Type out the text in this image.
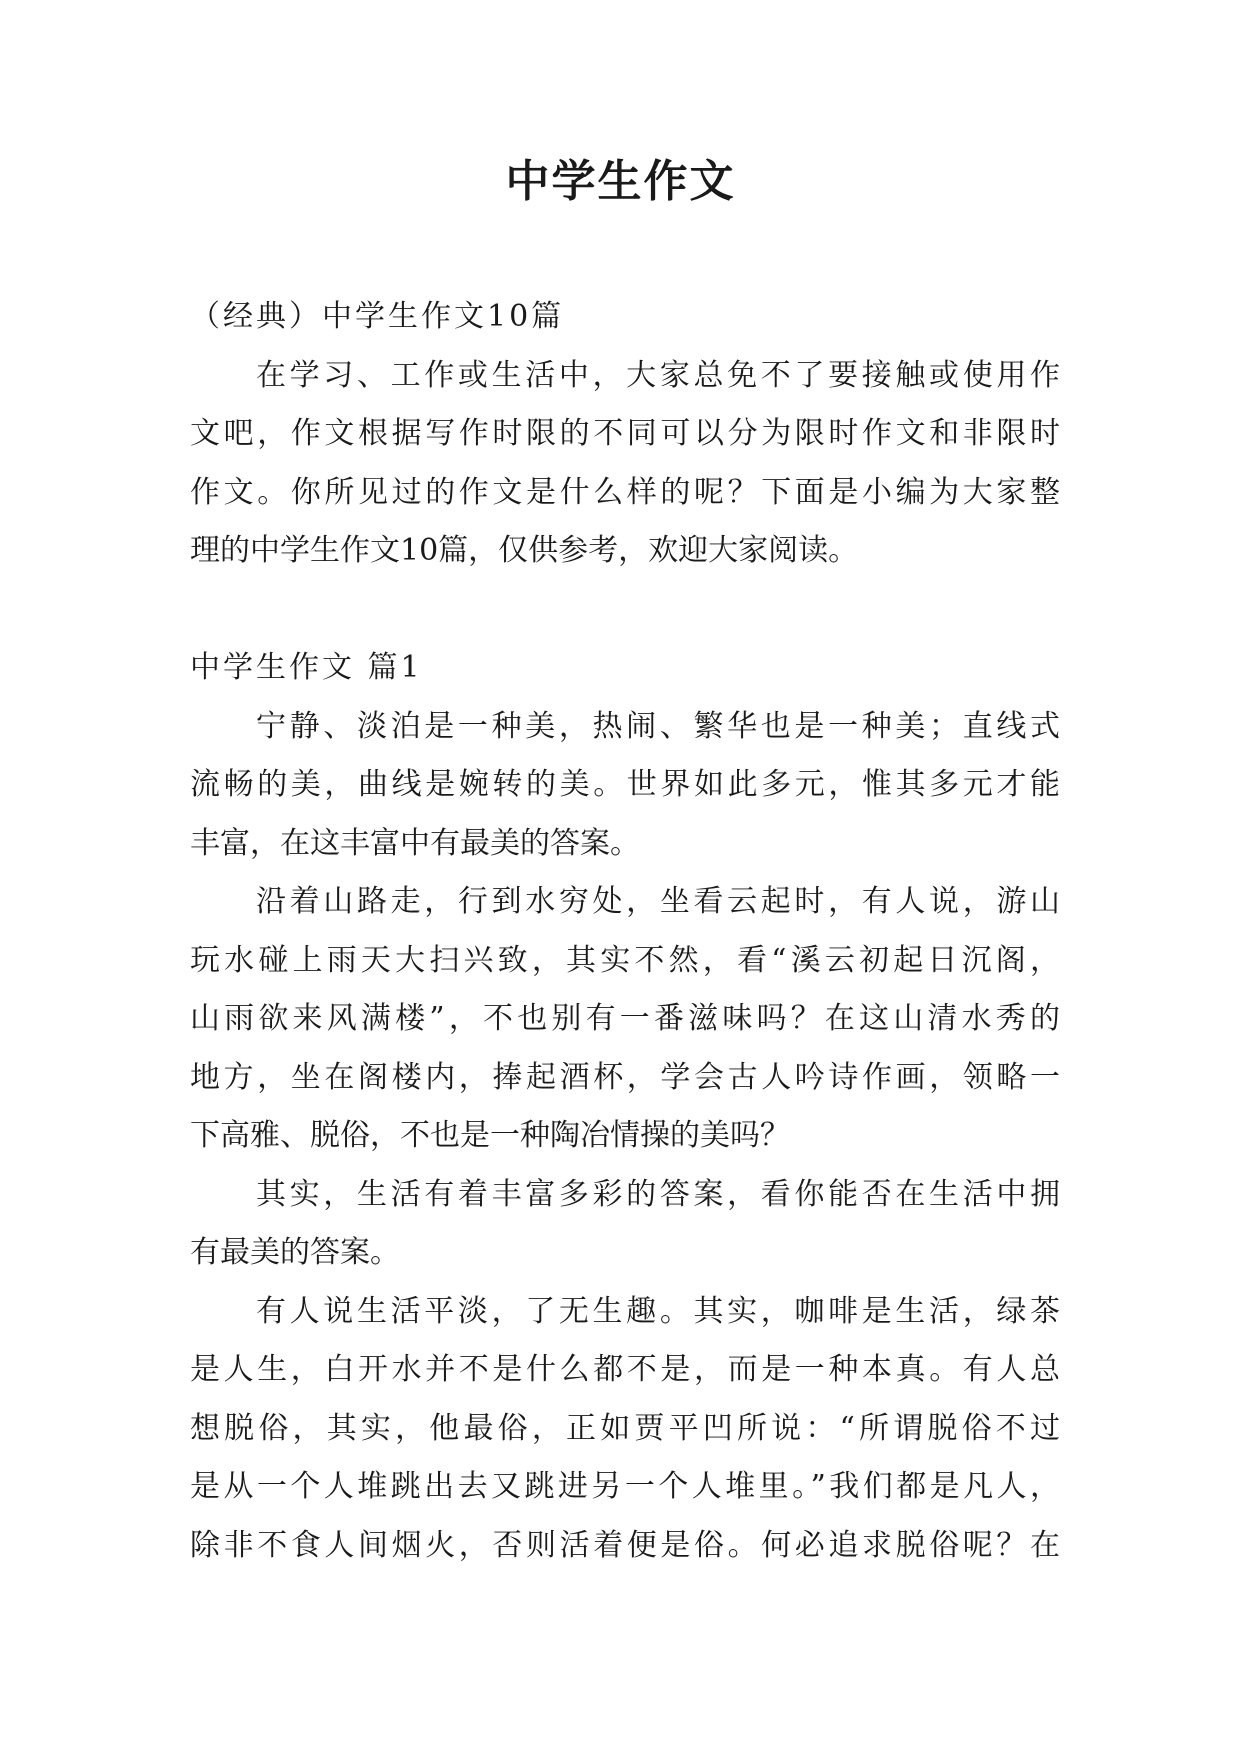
中学生作文
（经典）中学生作文10篇
在学习、工作或生活中，大家总免不了要接触或使用作
文吧，作文根据写作时限的不同可以分为限时作文和非限时
作文。你所见过的作文是什么样的呢？下面是小编为大家整
理的中学生作文10篇，仅供参考，欢迎大家阅读。
中学生作文 篇1
宁静、淡泊是一种美，热闹、繁华也是一种美；直线式
流畅的美，曲线是婉转的美。世界如此多元，惟其多元才能
丰富，在这丰富中有最美的答案。
沿着山路走，行到水穷处，坐看云起时，有人说，游山
玩水碰上雨天大扫兴致，其实不然，看“溪云初起日沉阁，
山雨欲来风满楼”，不也别有一番滋味吗？在这山清水秀的
地方，坐在阁楼内，捧起酒杯，学会古人吟诗作画，领略一
下高雅、脱俗，不也是一种陶冶情操的美吗？
其实，生活有着丰富多彩的答案，看你能否在生活中拥
有最美的答案。
有人说生活平淡，了无生趣。其实，咖啡是生活，绿茶
是人生，白开水并不是什么都不是，而是一种本真。有人总
想脱俗，其实，他最俗，正如贾平凹所说：“所谓脱俗不过
是从一个人堆跳出去又跳进另一个人堆里。”我们都是凡人，
除非不食人间烟火，否则活着便是俗。何必追求脱俗呢？在
